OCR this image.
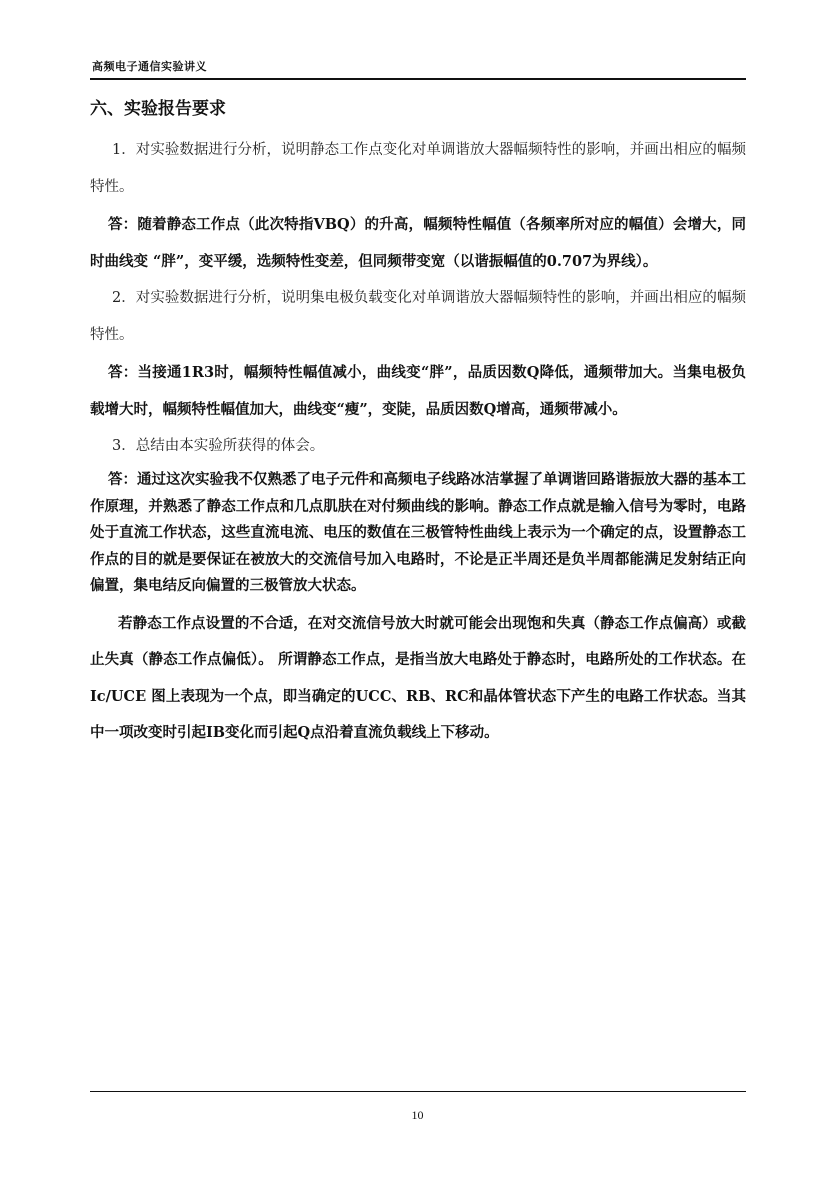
高频电子通信实验讲义
六、实验报告要求

1．对实验数据进行分析，说明静态工作点变化对单调谐放大器幅频特性的影响，并画出相应的幅频特性。

答：随着静态工作点（此次特指VBQ）的升高，幅频特性幅值（各频率所对应的幅值）会增大，同时曲线变 “胖”，变平缓，选频特性变差，但同频带变宽（以谐振幅值的0.707为界线）。

2．对实验数据进行分析，说明集电极负载变化对单调谐放大器幅频特性的影响，并画出相应的幅频特性。

答：当接通1R3时，幅频特性幅值减小，曲线变“胖”，品质因数Q降低，通频带加大。当集电极负载增大时，幅频特性幅值加大，曲线变“瘦”，变陡，品质因数Q增高，通频带减小。

3．总结由本实验所获得的体会。

答：通过这次实验我不仅熟悉了电子元件和高频电子线路冰洁掌握了单调谐回路谐振放大器的基本工作原理，并熟悉了静态工作点和几点肌肤在对付频曲线的影响。静态工作点就是输入信号为零时，电路处于直流工作状态，这些直流电流、电压的数值在三极管特性曲线上表示为一个确定的点，设置静态工作点的目的就是要保证在被放大的交流信号加入电路时，不论是正半周还是负半周都能满足发射结正向偏置，集电结反向偏置的三极管放大状态。

若静态工作点设置的不合适，在对交流信号放大时就可能会出现饱和失真（静态工作点偏高）或截止失真（静态工作点偏低）。 所谓静态工作点，是指当放大电路处于静态时，电路所处的工作状态。在Ic/UCE 图上表现为一个点，即当确定的UCC、RB、RC和晶体管状态下产生的电路工作状态。当其中一项改变时引起IB变化而引起Q点沿着直流负载线上下移动。

10
